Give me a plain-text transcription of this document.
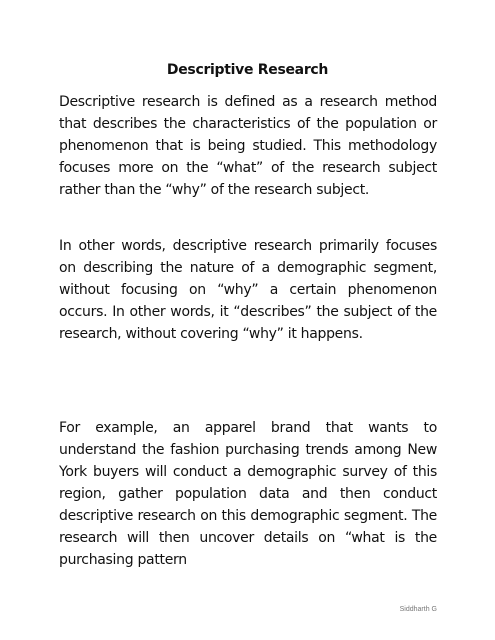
Descriptive Research

Descriptive research is defined as a research method that describes the characteristics of the population or phenomenon that is being studied. This methodology focuses more on the “what” of the research subject rather than the “why” of the research subject.

In other words, descriptive research primarily focuses on describing the nature of a demographic segment, without focusing on “why” a certain phenomenon occurs. In other words, it “describes” the subject of the research, without covering “why” it happens.

For example, an apparel brand that wants to understand the fashion purchasing trends among New York buyers will conduct a demographic survey of this region, gather population data and then conduct descriptive research on this demographic segment. The research will then uncover details on “what is the purchasing pattern

Siddharth G
